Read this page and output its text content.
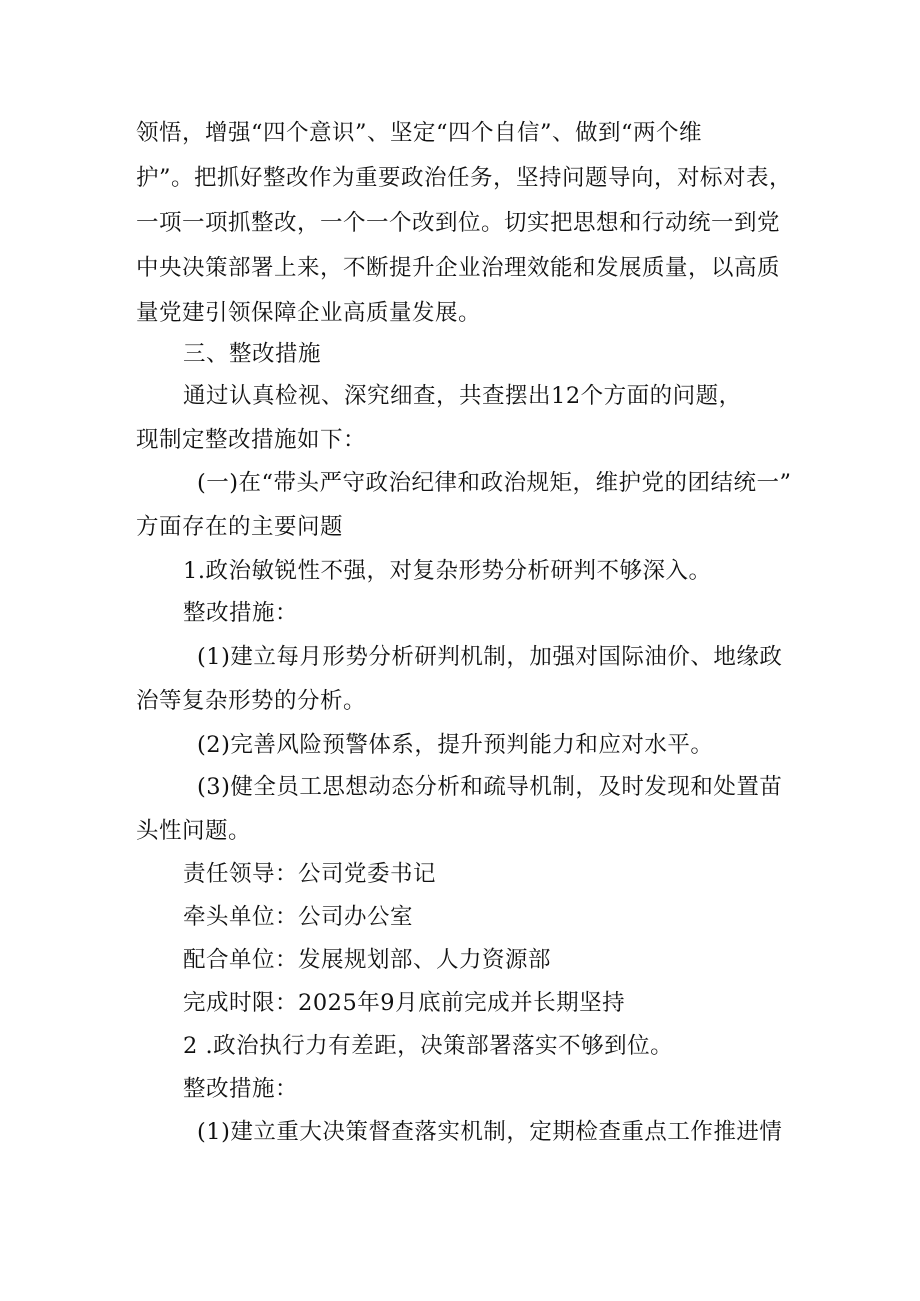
领悟，增强“四个意识”、坚定“四个自信”、做到“两个维
护”。把抓好整改作为重要政治任务，坚持问题导向，对标对表，
一项一项抓整改，一个一个改到位。切实把思想和行动统一到党
中央决策部署上来，不断提升企业治理效能和发展质量，以高质
量党建引领保障企业高质量发展。
三、整改措施
通过认真检视、深究细查，共查摆出12个方面的问题，
现制定整改措施如下：
(一)在“带头严守政治纪律和政治规矩，维护党的团结统一”
方面存在的主要问题
1.政治敏锐性不强，对复杂形势分析研判不够深入。
整改措施：
(1)建立每月形势分析研判机制，加强对国际油价、地缘政
治等复杂形势的分析。
(2)完善风险预警体系，提升预判能力和应对水平。
(3)健全员工思想动态分析和疏导机制，及时发现和处置苗
头性问题。
责任领导：公司党委书记
牵头单位：公司办公室
配合单位：发展规划部、人力资源部
完成时限：2025年9月底前完成并长期坚持
2 .政治执行力有差距，决策部署落实不够到位。
整改措施：
(1)建立重大决策督查落实机制，定期检查重点工作推进情
